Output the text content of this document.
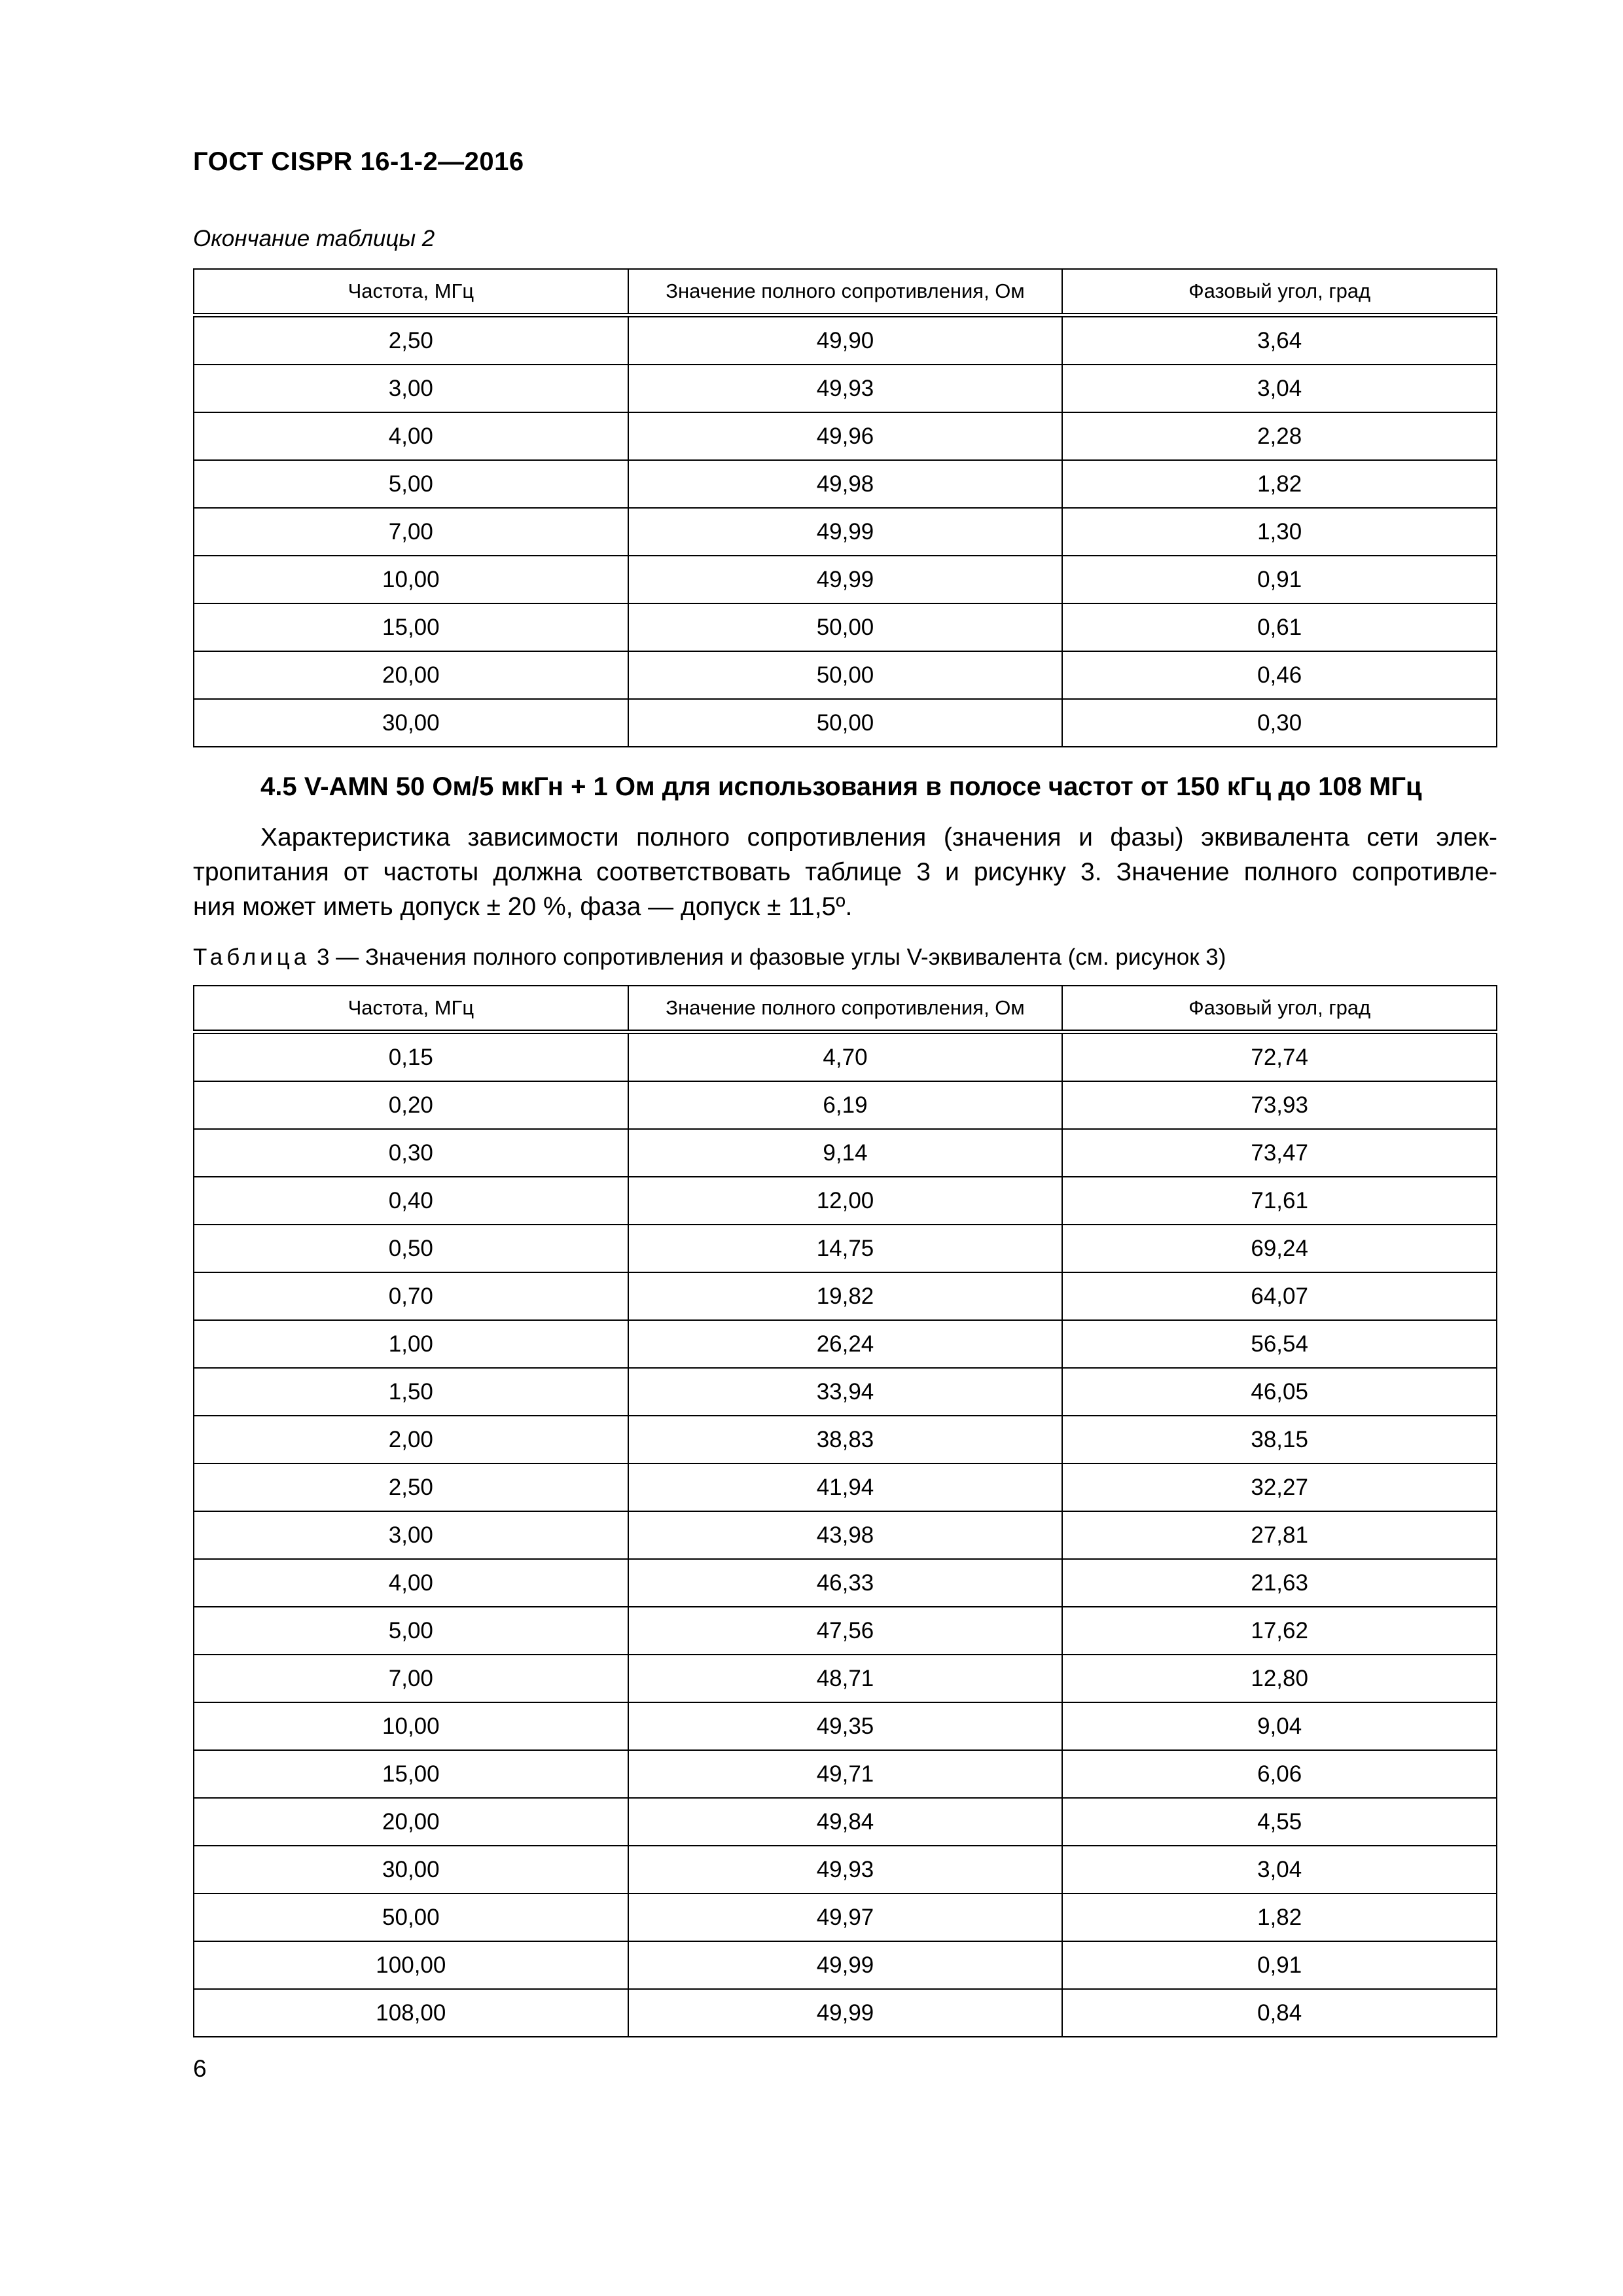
ГОСТ CISPR 16-1-2—2016
Окончание таблицы 2
Частота, МГц	Значение полного сопротивления, Ом	Фазовый угол, град
2,50	49,90	3,64
3,00	49,93	3,04
4,00	49,96	2,28
5,00	49,98	1,82
7,00	49,99	1,30
10,00	49,99	0,91
15,00	50,00	0,61
20,00	50,00	0,46
30,00	50,00	0,30
4.5 V-AMN 50 Ом/5 мкГн + 1 Ом для использования в полосе частот от 150 кГц до 108 МГц
Характеристика зависимости полного сопротивления (значения и фазы) эквивалента сети элек-
тропитания от частоты должна соответствовать таблице 3 и рисунку 3. Значение полного сопротивле-
ния может иметь допуск ± 20 %, фаза — допуск ± 11,5º.
Таблица 3 — Значения полного сопротивления и фазовые углы V-эквивалента (см. рисунок 3)
Частота, МГц	Значение полного сопротивления, Ом	Фазовый угол, град
0,15	4,70	72,74
0,20	6,19	73,93
0,30	9,14	73,47
0,40	12,00	71,61
0,50	14,75	69,24
0,70	19,82	64,07
1,00	26,24	56,54
1,50	33,94	46,05
2,00	38,83	38,15
2,50	41,94	32,27
3,00	43,98	27,81
4,00	46,33	21,63
5,00	47,56	17,62
7,00	48,71	12,80
10,00	49,35	9,04
15,00	49,71	6,06
20,00	49,84	4,55
30,00	49,93	3,04
50,00	49,97	1,82
100,00	49,99	0,91
108,00	49,99	0,84
6
